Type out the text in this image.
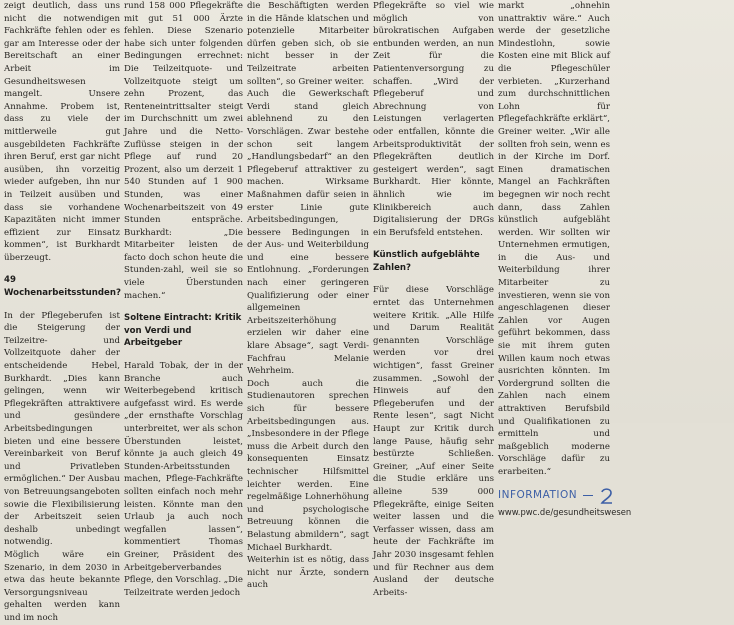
zeigt deutlich, dass uns nicht die notwendigen Fachkräfte fehlen oder es gar am Interesse oder der Bereitschaft an einer Arbeit im Gesundheitswesen mangelt. Unsere Annahme. Probem ist, dass zu viele der mittlerweile gut ausgebildeten Fachkräfte ihren Beruf, erst gar nicht ausüben, ihn vorzeitig wieder aufgeben, ihn nur in Teilzeit ausüben und dass sie vorhandene Kapazitäten nicht immer effizient zur Einsatz kommen“, ist Burkhardt überzeugt.

49 Wochenarbeitsstunden?

In der Pflegeberufen ist die Steigerung der Teilzeitre- und Vollzeitquote daher der entscheidende Hebel, Burkhardt. „Dies kann gelingen, wenn wir Pflegekräften attraktivere und gesündere Arbeitsbedingungen bieten und eine bessere Vereinbarkeit von Beruf und Privatleben ermöglichen.“ Der Ausbau von Betreuungsangeboten sowie die Flexibilisierung der Arbeitszeit seien deshalb unbedingt notwendig.

Möglich wäre ein Szenario, in dem 2030 in etwa das heute bekannte Versorgungsniveau gehalten werden kann und im noch

rund 158 000 Pflegekräfte mit gut 51 000 Ärzte fehlen. Diese Szenario habe sich unter folgenden Bedingungen errechnet: Die Teilzeitquote- und Vollzeitquote steigt um zehn Prozent, das Renteneintrittsalter steigt im Durchschnitt um zwei Jahre und die Netto-Zuflüsse steigen in der Pflege auf rund 20 Prozent, also um derzeit 1 540 Stunden auf 1 900 Stunden, was einer Wochenarbeitszeit von 49 Stunden entspräche. Burkhardt: „Die Mitarbeiter leisten de facto doch schon heute die Stunden-zahl, weil sie so viele Überstunden machen.“

Soltene Eintracht: Kritik von Verdi und Arbeitgeber

Harald Tobak, der in der Branche auch Weiterbegebend kritisch aufgefasst wird. Es werde „der ernsthafte Vorschlag unterbreitet, wer als schon Überstunden leistet, könnte ja auch gleich 49 Stunden-Arbeitsstunden machen, Pflege-Fachkräfte sollten einfach noch mehr leisten. Könnte man den Urlaub ja auch noch wegfallen lassen“, kommentiert Thomas Greiner, Präsident des Arbeitgeberverbandes Pflege, den Vorschlag. „Die Teilzeitrate werden jedoch

die Beschäftigten werden in die Hände klatschen und potenzielle Mitarbeiter dürfen geben sich, ob sie nicht besser in der Teilzeitrate arbeiten sollten“, so Greiner weiter.

Auch die Gewerkschaft Verdi stand gleich ablehnend zu den Vorschlägen. Zwar bestehe schon seit langem „Handlungsbedarf“ an den Pflegeberuf attraktiver zu machen. Wirksame Maßnahmen dafür seien in erster Linie gute Arbeitsbedingungen, bessere Bedingungen in der Aus- und Weiterbildung und eine bessere Entlohnung. „Forderungen nach einer geringeren Qualifizierung oder einer allgemeinen Arbeitszeiterhöhung erzielen wir daher eine klare Absage“, sagt Verdi-Fachfrau Melanie Wehrheim.

Doch auch die Studienautoren sprechen sich für bessere Arbeitsbedingungen aus. „Insbesondere in der Pflege muss die Arbeit durch den konsequenten Einsatz technischer Hilfsmittel leichter werden. Eine regelmäßige Lohnerhöhung und psychologische Betreuung können die Belastung abmildern“, sagt Michael Burkhardt.

Weiterhin ist es nötig, dass nicht nur Ärzte, sondern auch

Pflegekräfte so viel wie möglich von bürokratischen Aufgaben entbunden werden, an nun Zeit für die Patientenversorgung zu schaffen. „Wird der Pflegeberuf und Abrechnung von Leistungen verlagerten oder entfallen, könnte die Arbeitsproduktivität der Pflegekräften deutlich gesteigert werden“, sagt Burkhardt. Hier könnte, ähnlich wie im Klinikbereich auch Digitalisierung der DRGs ein Berufsfeld entstehen.

Künstlich aufgeblähte Zahlen?

Für diese Vorschläge erntet das Unternehmen weitere Kritik. „Alle Hilfe und Darum Realität genannten Vorschläge werden vor drei wichtigen“, fasst Greiner zusammen. „Sowohl der Hinweis auf den Pflegeberufen und der Rente lesen“, sagt Nicht Haupt zur Kritik durch lange Pause, häufig sehr bestürzte Schließen. Greiner, „Auf einer Seite die Studie erkläre uns alleine 539 000 Pflegekräfte, einige Seiten weiter lassen und die Verfasser wissen, dass am heute der Fachkräfte im Jahr 2030 insgesamt fehlen und für Rechner aus dem Ausland der deutsche Arbeits-

markt „ohnehin unattraktiv wäre.“ Auch werde der gesetzliche Mindestlohn, sowie Kosten eine mit Blick auf die Pflegeschüler verbieten. „Kurzerhand zum durchschnittlichen Lohn für Pflegefachkräfte erklärt“, Greiner weiter. „Wir alle sollten froh sein, wenn es in der Kirche im Dorf. Einen dramatischen Mangel an Fachkräften begegnen wir noch recht dann, dass Zahlen künstlich aufgebläht werden. Wir sollten wir Unternehmen ermutigen, in die Aus- und Weiterbildung ihrer Mitarbeiter zu investieren, wenn sie von angeschlagenen dieser Zahlen vor Augen geführt bekommen, dass sie mit ihrem guten Willen kaum noch etwas ausrichten könnten. Im Vordergrund sollten die Zahlen nach einem attraktiven Berufsbild und Qualifikationen zu ermitteln und maßgeblich moderne Vorschläge dafür zu erarbeiten.“

INFORMATION
www.pwc.de/gesundheitswesen
